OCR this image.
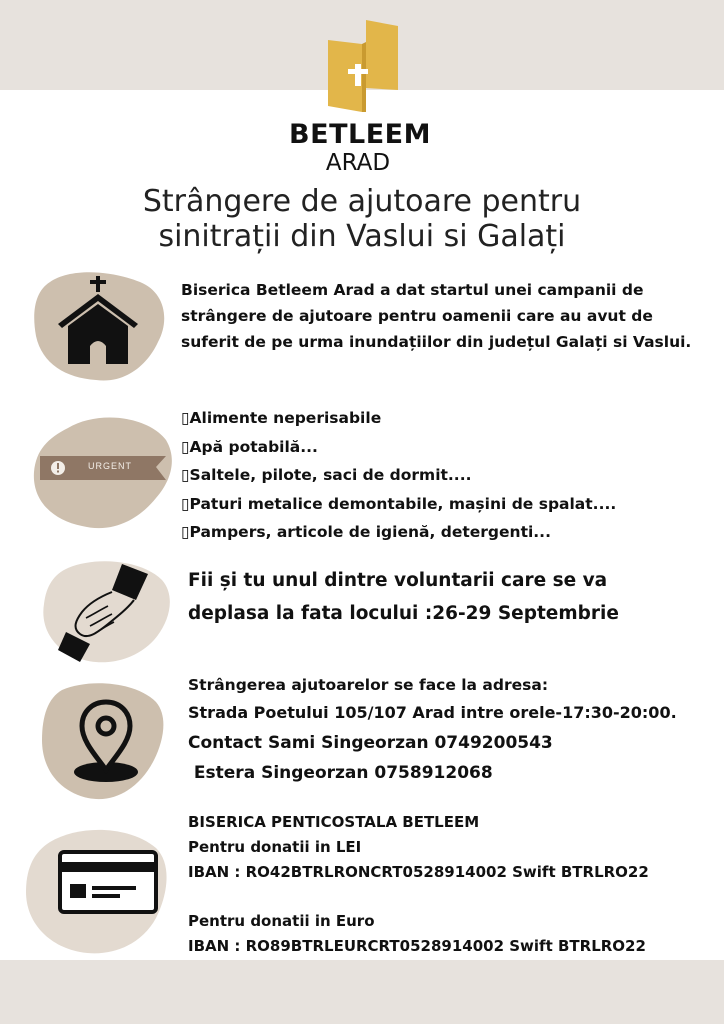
BETLEEM
ARAD
Strângere de ajutoare pentru
sinitrații din Vaslui si Galați
Biserica Betleem Arad a dat startul unei campanii de
strângere de ajutoare pentru oamenii care au avut de
suferit de pe urma inundațiilor din județul Galați si Vaslui.
URGENT
▯Alimente neperisabile
▯Apă potabilă...
▯Saltele, pilote, saci de dormit....
▯Paturi metalice demontabile, mașini de spalat....
▯Pampers, articole de igienă, detergenti...
Fii și tu unul dintre voluntarii care se va
deplasa la fata locului :26-29 Septembrie
Strângerea ajutoarelor se face la adresa:
Strada Poetului 105/107 Arad intre orele-17:30-20:00.
Contact Sami Singeorzan 0749200543
Estera Singeorzan 0758912068
BISERICA PENTICOSTALA BETLEEM
Pentru donatii in LEI
IBAN : RO42BTRLRONCRT0528914002 Swift BTRLRO22
Pentru donatii in Euro
IBAN : RO89BTRLEURCRT0528914002 Swift BTRLRO22
